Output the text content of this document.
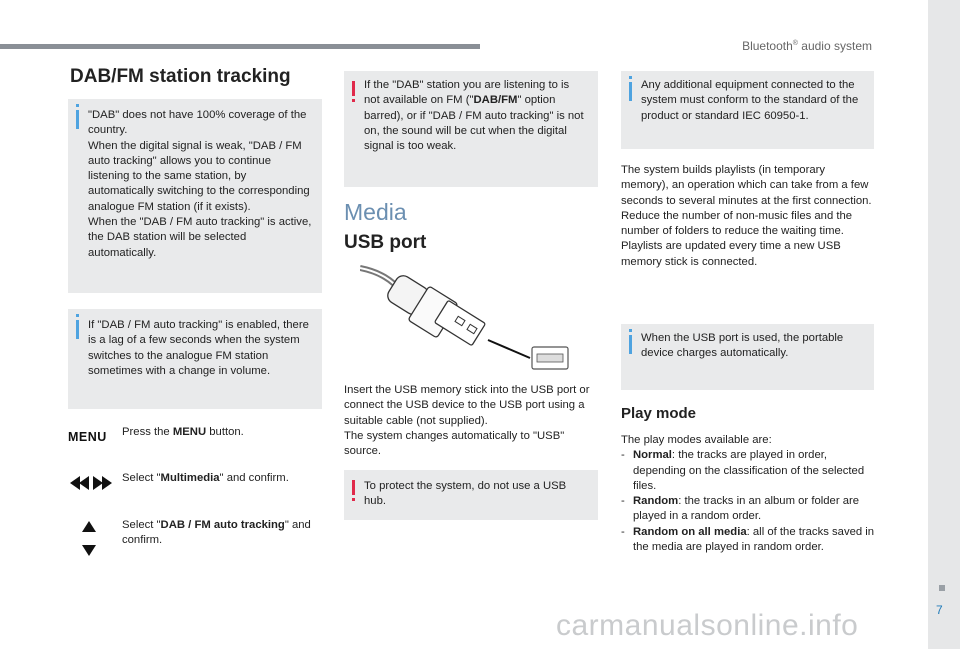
Bluetooth® audio system
7
DAB/FM station tracking
"DAB" does not have 100% coverage of the country.
When the digital signal is weak, "DAB / FM auto tracking" allows you to continue listening to the same station, by automatically switching to the corresponding analogue FM station (if it exists).
When the "DAB / FM auto tracking" is active, the DAB station will be selected automatically.
If "DAB / FM auto tracking" is enabled, there is a lag of a few seconds when the system switches to the analogue FM station sometimes with a change in volume.
MENU Press the MENU button.
Select "Multimedia" and confirm.
Select "DAB / FM auto tracking" and confirm.
If the "DAB" station you are listening to is not available on FM ("DAB/FM" option barred), or if "DAB / FM auto tracking" is not on, the sound will be cut when the digital signal is too weak.
Media
USB port
Insert the USB memory stick into the USB port or connect the USB device to the USB port using a suitable cable (not supplied).
The system changes automatically to "USB" source.
To protect the system, do not use a USB hub.
Any additional equipment connected to the system must conform to the standard of the product or standard IEC 60950-1.
The system builds playlists (in temporary memory), an operation which can take from a few seconds to several minutes at the first connection.
Reduce the number of non-music files and the number of folders to reduce the waiting time.
Playlists are updated every time a new USB memory stick is connected.
When the USB port is used, the portable device charges automatically.
Play mode
The play modes available are:
- Normal: the tracks are played in order, depending on the classification of the selected files.
- Random: the tracks in an album or folder are played in a random order.
- Random on all media: all of the tracks saved in the media are played in random order.
carmanualsonline.info
